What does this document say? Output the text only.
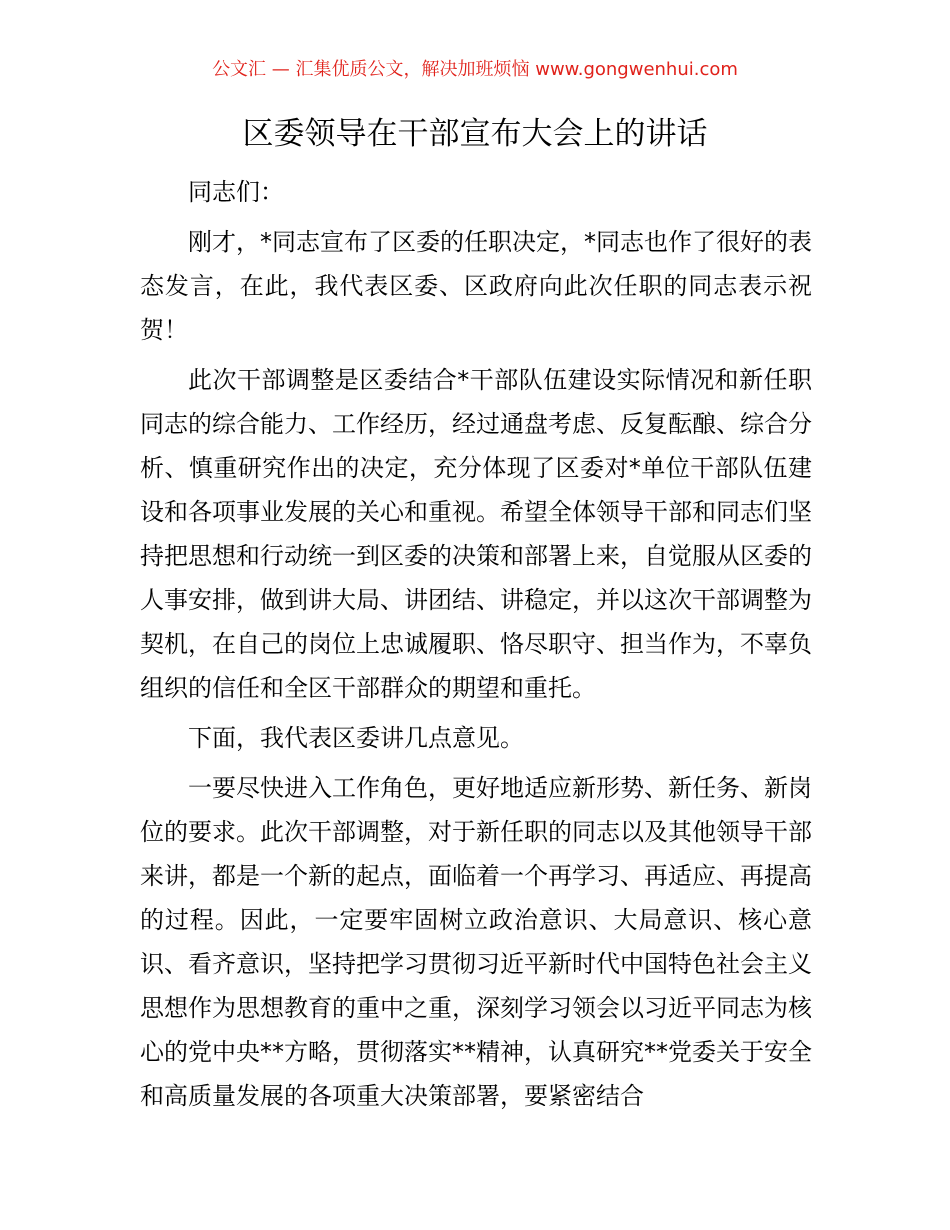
公文汇 — 汇集优质公文，解决加班烦恼 www.gongwenhui.com
区委领导在干部宣布大会上的讲话

同志们：

刚才，*同志宣布了区委的任职决定，*同志也作了很好的表态发言，在此，我代表区委、区政府向此次任职的同志表示祝贺！

此次干部调整是区委结合*干部队伍建设实际情况和新任职同志的综合能力、工作经历，经过通盘考虑、反复酝酿、综合分析、慎重研究作出的决定，充分体现了区委对*单位干部队伍建设和各项事业发展的关心和重视。希望全体领导干部和同志们坚持把思想和行动统一到区委的决策和部署上来，自觉服从区委的人事安排，做到讲大局、讲团结、讲稳定，并以这次干部调整为契机，在自己的岗位上忠诚履职、恪尽职守、担当作为，不辜负组织的信任和全区干部群众的期望和重托。

下面，我代表区委讲几点意见。

一要尽快进入工作角色，更好地适应新形势、新任务、新岗位的要求。此次干部调整，对于新任职的同志以及其他领导干部来讲，都是一个新的起点，面临着一个再学习、再适应、再提高的过程。因此，一定要牢固树立政治意识、大局意识、核心意识、看齐意识，坚持把学习贯彻习近平新时代中国特色社会主义思想作为思想教育的重中之重，深刻学习领会以习近平同志为核心的党中央**方略，贯彻落实**精神，认真研究**党委关于安全和高质量发展的各项重大决策部署，要紧密结合
